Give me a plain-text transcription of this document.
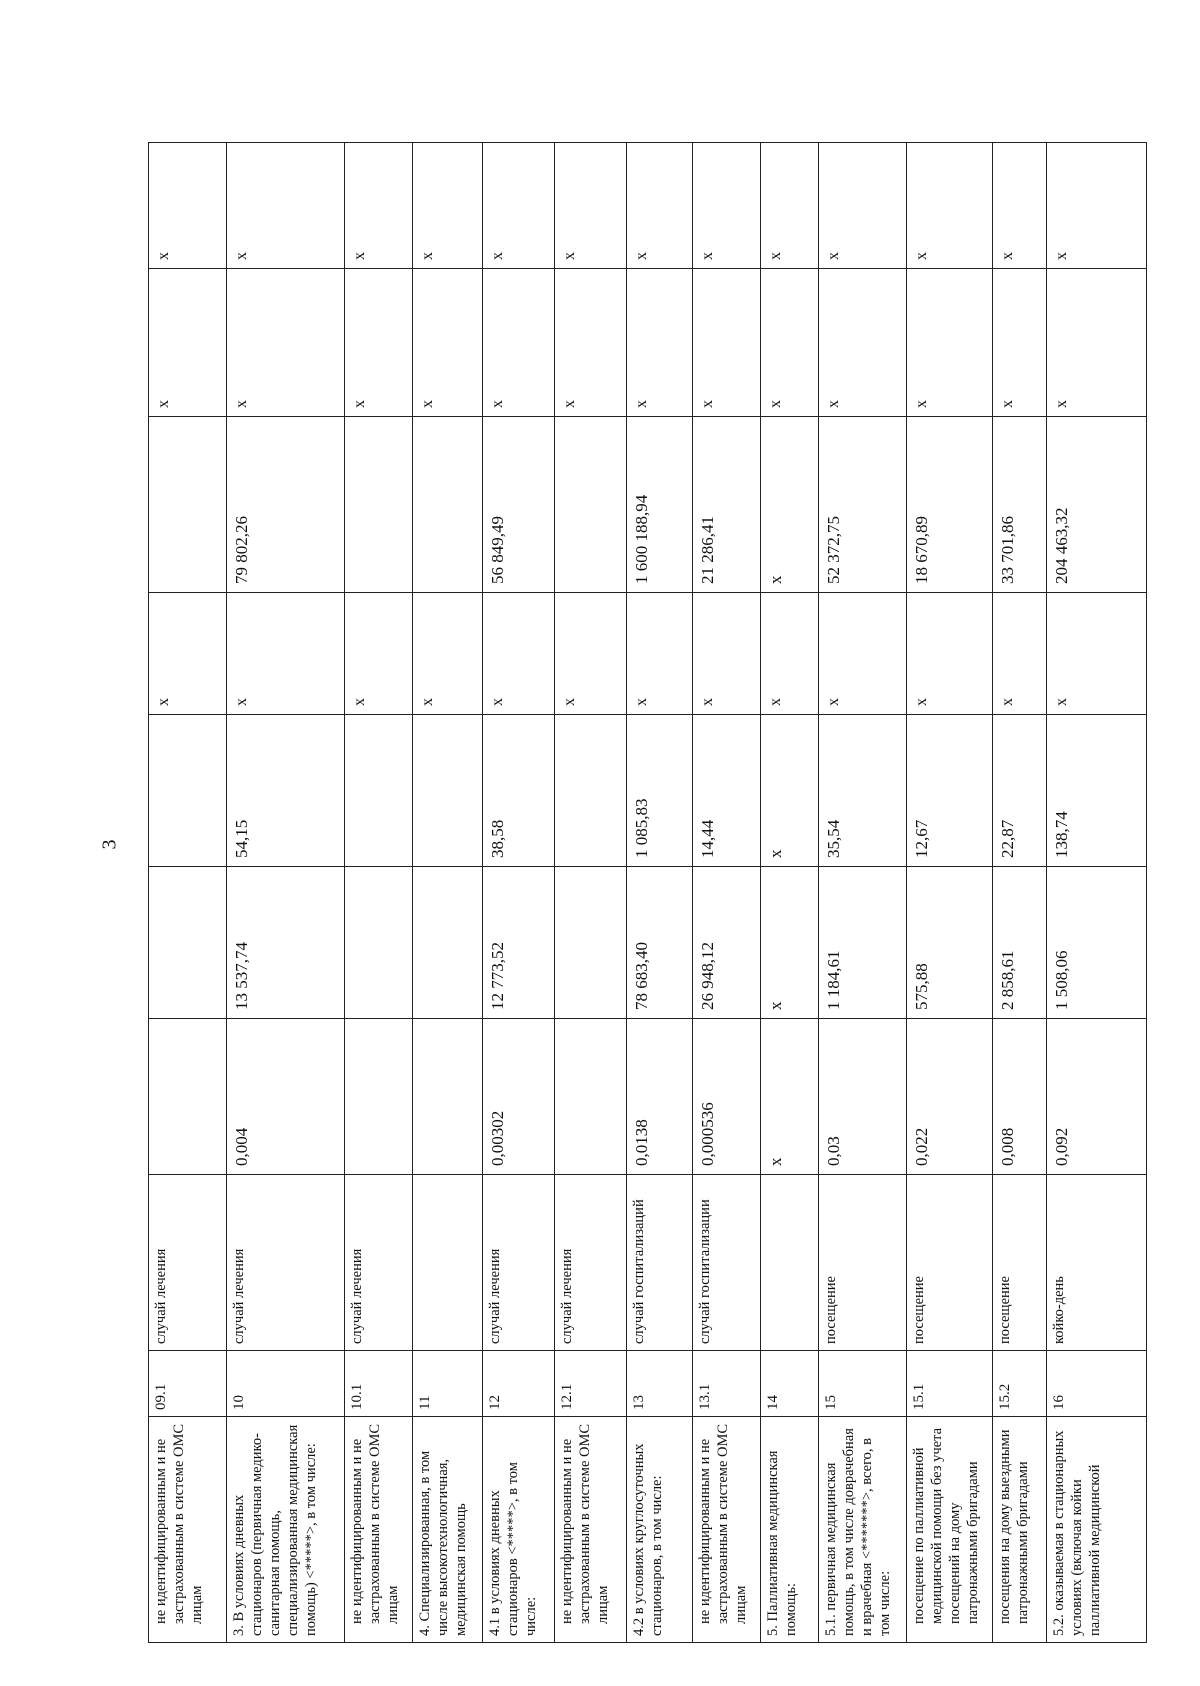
3
не идентифицированным и не застрахованным в системе ОМС лицам	09.1	случай лечения				x		x	x
3. В условиях дневных стационаров (первичная медико-санитарная помощь, специализированная медицинская помощь) <*****>, в том числе:	10	случай лечения	0,004	13 537,74	54,15	x	79 802,26	x	x
не идентифицированным и не застрахованным в системе ОМС лицам	10.1	случай лечения				x		x	x
4. Специализированная, в том числе высокотехнологичная, медицинская помощь	11					x		x	x
4.1 в условиях дневных стационаров <*****>, в том числе:	12	случай лечения	0,00302	12 773,52	38,58	x	56 849,49	x	x
не идентифицированным и не застрахованным в системе ОМС лицам	12.1	случай лечения				x		x	x
4.2 в условиях круглосуточных стационаров, в том числе:	13	случай госпитализаций	0,0138	78 683,40	1 085,83	x	1 600 188,94	x	x
не идентифицированным и не застрахованным в системе ОМС лицам	13.1	случай госпитализации	0,000536	26 948,12	14,44	x	21 286,41	x	x
5. Паллиативная медицинская помощь:	14		x	x	x	x	x	x	x
5.1. первичная медицинская помощь, в том числе доврачебная и врачебная <*******>, всего, в том числе:	15	посещение	0,03	1 184,61	35,54	x	52 372,75	x	x
посещение по паллиативной медицинской помощи без учета посещений на дому патронажными бригадами	15.1	посещение	0,022	575,88	12,67	x	18 670,89	x	x
посещения на дому выездными патронажными бригадами	15.2	посещение	0,008	2 858,61	22,87	x	33 701,86	x	x
5.2. оказываемая в стационарных условиях (включая койки паллиативной медицинской	16	койко-день	0,092	1 508,06	138,74	x	204 463,32	x	x
